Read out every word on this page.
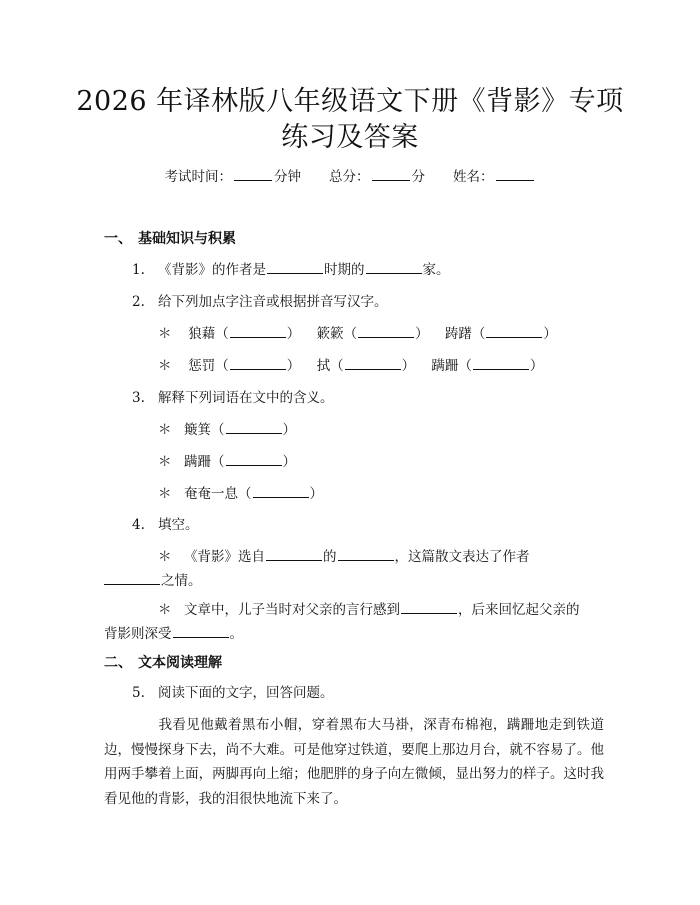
2026 年译林版八年级语文下册《背影》专项
练习及答案
考试时间：	分钟 总分：	分 姓名：
一、 基础知识与积累
1. 《背影》的作者是	时期的	家。
2. 给下列加点字注音或根据拼音写汉字。
＊ 狼藉（	） 簌簌（	） 踌躇（	）
＊ 惩罚（	） 拭（	） 蹒跚（	）
3. 解释下列词语在文中的含义。
＊ 簸箕（	）
＊ 蹒跚（	）
＊ 奄奄一息（	）
4. 填空。
＊ 《背影》选自	的	，这篇散文表达了作者
之情。
＊ 文章中，儿子当时对父亲的言行感到	，后来回忆起父亲的
背影则深受	。
二、 文本阅读理解
5. 阅读下面的文字，回答问题。
我看见他戴着黑布小帽，穿着黑布大马褂，深青布棉袍，蹒跚地走到铁道边，慢慢探身下去，尚不大难。可是他穿过铁道，要爬上那边月台，就不容易了。他用两手攀着上面，两脚再向上缩；他肥胖的身子向左微倾，显出努力的样子。这时我看见他的背影，我的泪很快地流下来了。
